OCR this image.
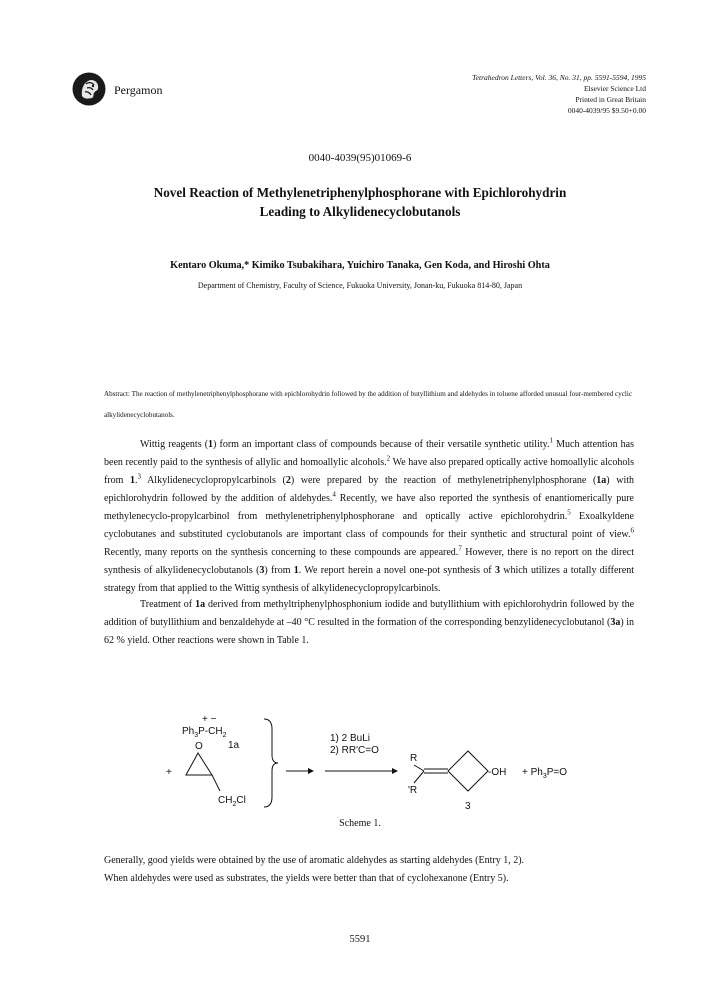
Pergamon
Tetrahedron Letters, Vol. 36, No. 31, pp. 5591-5594, 1995
Elsevier Science Ltd
Printed in Great Britain
0040-4039/95 $9.50+0.00
0040-4039(95)01069-6
Novel Reaction of Methylenetriphenylphosphorane with Epichlorohydrin
Leading to Alkylidenecyclobutanols
Kentaro Okuma,* Kimiko Tsubakihara, Yuichiro Tanaka, Gen Koda, and Hiroshi Ohta
Department of Chemistry, Faculty of Science, Fukuoka University, Jonan-ku, Fukuoka 814-80, Japan
Abstract: The reaction of methylenetriphenylphosphorane with epichlorohydrin followed by the addition of butyllithium and aldehydes in toluene afforded unusual four-membered cyclic alkylidenecyclobutanols.

Wittig reagents (1) form an important class of compounds because of their versatile synthetic utility.$^1$ Much attention has been recently paid to the synthesis of allylic and homoallylic alcohols.$^2$ We have also prepared optically active homoallylic alcohols from 1.$^3$ Alkylidenecyclopropylcarbinols (2) were prepared by the reaction of methylenetriphenylphosphorane (1a) with epichlorohydrin followed by the addition of aldehydes.$^4$ Recently, we have also reported the synthesis of enantiomerically pure methylenecyclo-propylcarbinol from methylenetriphenylphosphorane and optically active epichlorohydrin.$^5$ Exoalkyldene cyclobutanes and substituted cyclobutanols are important class of compounds for their synthetic and structural point of view.$^6$ Recently, many reports on the synthesis concerning to these compounds are appeared.$^7$ However, there is no report on the direct synthesis of alkylidenecyclobutanols (3) from 1. We report herein a novel one-pot synthesis of 3 which utilizes a totally different strategy from that applied to the Wittig synthesis of alkylidenecyclopropylcarbinols.

Treatment of 1a derived from methyltriphenylphosphonium iodide and butyllithium with epichlorohydrin followed by the addition of butyllithium and benzaldehyde at –40 °C resulted in the formation of the corresponding benzylidenecyclobutanol (3a) in 62 % yield. Other reactions were shown in Table 1.

+ −
$Ph_3P-CH_2$
1a
+
O
$CH_2Cl$
1) 2 BuLi
2) RR'C=O
R
'R
$-OH + Ph_3P=O$
3
Scheme 1.

Generally, good yields were obtained by the use of aromatic aldehydes as starting aldehydes (Entry 1, 2).

When aldehydes were used as substrates, the yields were better than that of cyclohexanone (Entry 5).

5591
